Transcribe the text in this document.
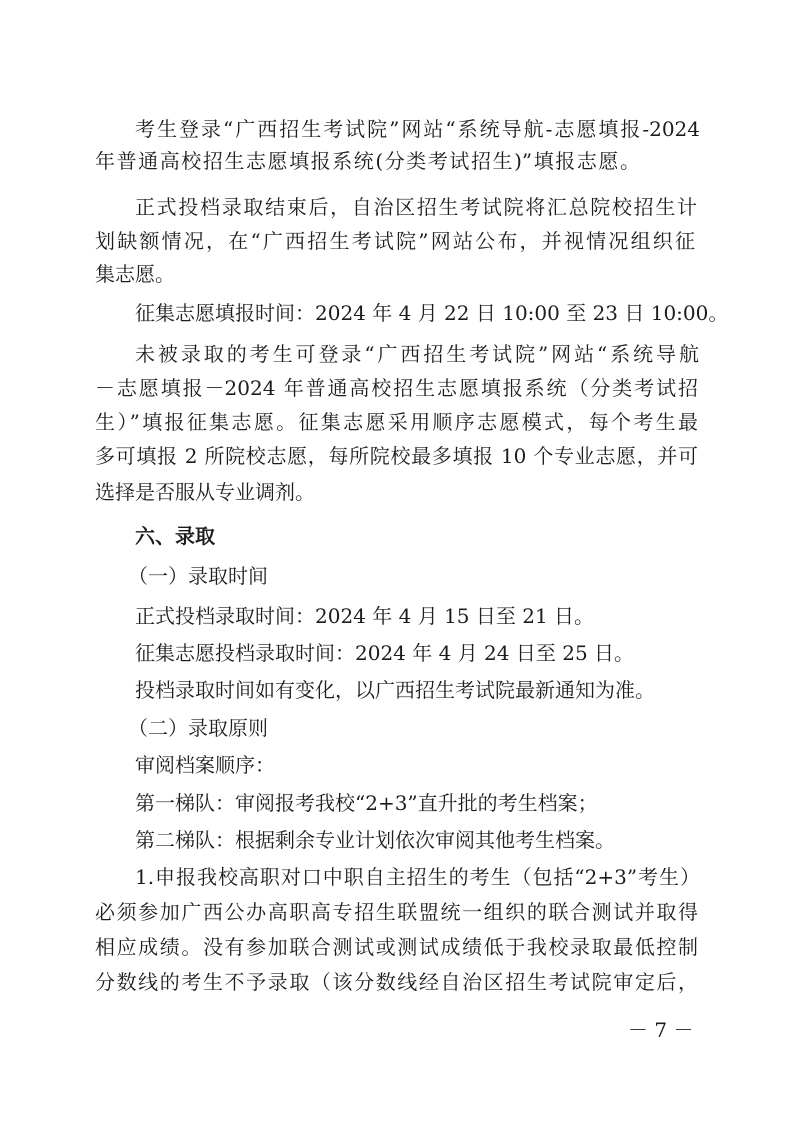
考生登录“广西招生考试院”网站“系统导航-志愿填报-2024
年普通高校招生志愿填报系统(分类考试招生)”填报志愿。
正式投档录取结束后，自治区招生考试院将汇总院校招生计
划缺额情况，在“广西招生考试院”网站公布，并视情况组织征
集志愿。
征集志愿填报时间：2024 年 4 月 22 日 10:00 至 23 日 10:00。
未被录取的考生可登录“广西招生考试院”网站“系统导航
－志愿填报－2024 年普通高校招生志愿填报系统（分类考试招
生）”填报征集志愿。征集志愿采用顺序志愿模式，每个考生最
多可填报 2 所院校志愿，每所院校最多填报 10 个专业志愿，并可
选择是否服从专业调剂。
六、录取
（一）录取时间
正式投档录取时间：2024 年 4 月 15 日至 21 日。
征集志愿投档录取时间：2024 年 4 月 24 日至 25 日。
投档录取时间如有变化，以广西招生考试院最新通知为准。
（二）录取原则
审阅档案顺序：
第一梯队：审阅报考我校“2+3”直升批的考生档案；
第二梯队：根据剩余专业计划依次审阅其他考生档案。
1.申报我校高职对口中职自主招生的考生（包括“2+3”考生）
必须参加广西公办高职高专招生联盟统一组织的联合测试并取得
相应成绩。没有参加联合测试或测试成绩低于我校录取最低控制
分数线的考生不予录取（该分数线经自治区招生考试院审定后，
－ 7 －
